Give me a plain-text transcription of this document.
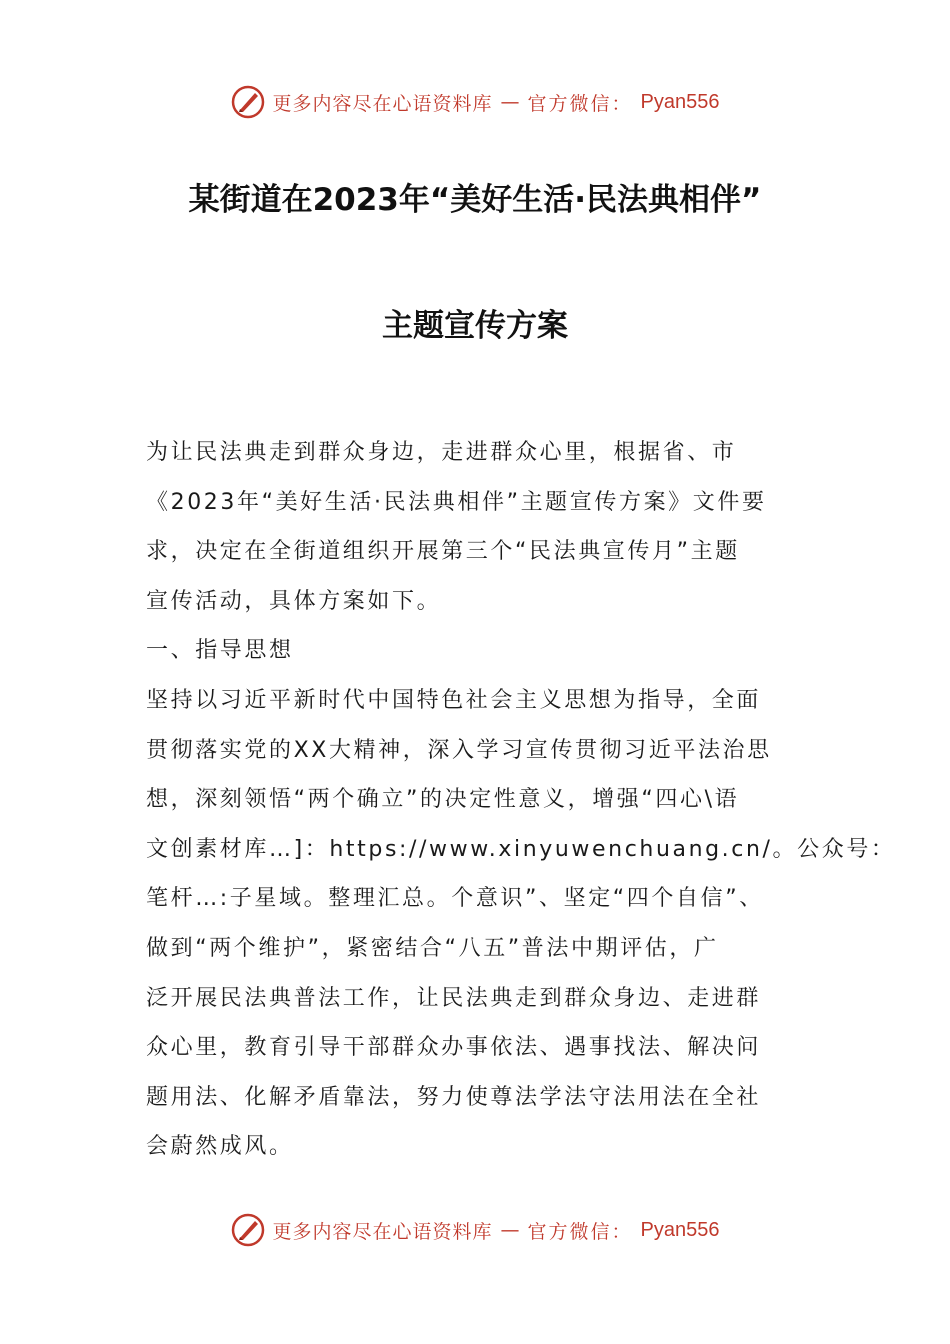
更多内容尽在心语资料库 — 官方微信： Pyan556
某街道在2023年“美好生活·民法典相伴”
主题宣传方案
为让民法典走到群众身边，走进群众心里，根据省、市
《2023年“美好生活·民法典相伴”主题宣传方案》文件要
求，决定在全街道组织开展第三个“民法典宣传月”主题
宣传活动，具体方案如下。
一、指导思想
坚持以习近平新时代中国特色社会主义思想为指导，全面
贯彻落实党的XX大精神，深入学习宣传贯彻习近平法治思
想，深刻领悟“两个确立”的决定性意义，增强“四心\语
文创素材库…]：https://www.xinyuwenchuang.cn/。公众号：
笔杆…:子星域。整理汇总。个意识”、坚定“四个自信”、
做到“两个维护”，紧密结合“八五”普法中期评估，广
泛开展民法典普法工作，让民法典走到群众身边、走进群
众心里，教育引导干部群众办事依法、遇事找法、解决问
题用法、化解矛盾靠法，努力使尊法学法守法用法在全社
会蔚然成风。
更多内容尽在心语资料库 — 官方微信： Pyan556
